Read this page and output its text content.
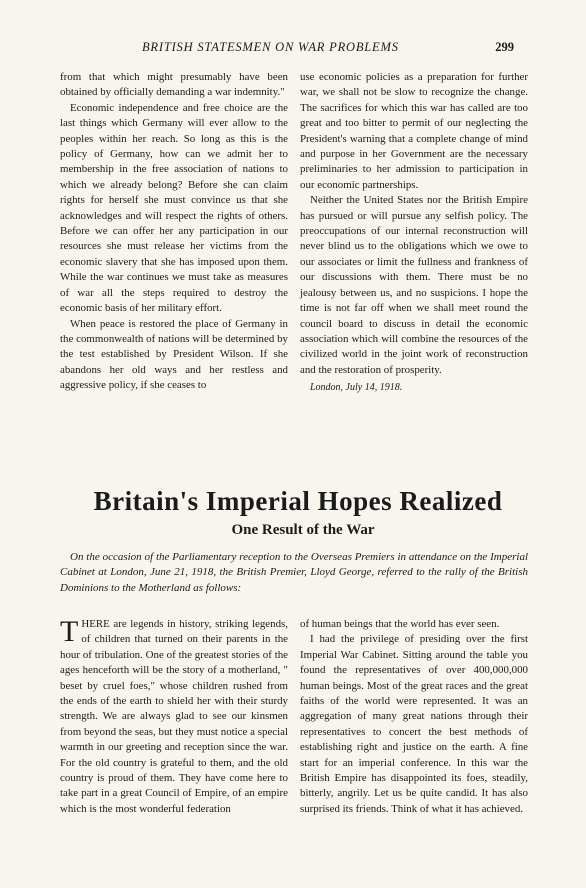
BRITISH STATESMEN ON WAR PROBLEMS	299

from that which might presumably have been obtained by officially demanding a war indemnity."

Economic independence and free choice are the last things which Germany will ever allow to the peoples within her reach. So long as this is the policy of Germany, how can we admit her to membership in the free association of nations to which we already belong? Before she can claim rights for herself she must convince us that she acknowledges and will respect the rights of others. Before we can offer her any participation in our resources she must release her victims from the economic slavery that she has imposed upon them. While the war continues we must take as measures of war all the steps required to destroy the economic basis of her military effort.

When peace is restored the place of Germany in the commonwealth of nations will be determined by the test established by President Wilson. If she abandons her old ways and her restless and aggressive policy, if she ceases to

use economic policies as a preparation for further war, we shall not be slow to recognize the change. The sacrifices for which this war has called are too great and too bitter to permit of our neglecting the President's warning that a complete change of mind and purpose in her Government are the necessary preliminaries to her admission to participation in our economic partnerships.

Neither the United States nor the British Empire has pursued or will pursue any selfish policy. The preoccupations of our internal reconstruction will never blind us to the obligations which we owe to our associates or limit the fullness and frankness of our discussions with them. There must be no jealousy between us, and no suspicions. I hope the time is not far off when we shall meet round the council board to discuss in detail the economic association which will combine the resources of the civilized world in the joint work of reconstruction and the restoration of prosperity.

London, July 14, 1918.

Britain's Imperial Hopes Realized
One Result of the War
On the occasion of the Parliamentary reception to the Overseas Premiers in attendance on the Imperial Cabinet at London, June 21, 1918, the British Premier, Lloyd George, referred to the rally of the British Dominions to the Motherland as follows:

THERE are legends in history, striking legends, of children that turned on their parents in the hour of tribulation. One of the greatest stories of the ages henceforth will be the story of a motherland, " beset by cruel foes," whose children rushed from the ends of the earth to shield her with their sturdy strength. We are always glad to see our kinsmen from beyond the seas, but they must notice a special warmth in our greeting and reception since the war. For the old country is grateful to them, and the old country is proud of them. They have come here to take part in a great Council of Empire, of an empire which is the most wonderful federation

of human beings that the world has ever seen.

I had the privilege of presiding over the first Imperial War Cabinet. Sitting around the table you found the representatives of over 400,000,000 human beings. Most of the great races and the great faiths of the world were represented. It was an aggregation of many great nations through their representatives to concert the best methods of establishing right and justice on the earth. A fine start for an imperial conference. In this war the British Empire has disappointed its foes, steadily, bitterly, angrily. Let us be quite candid. It has also surprised its friends. Think of what it has achieved.
